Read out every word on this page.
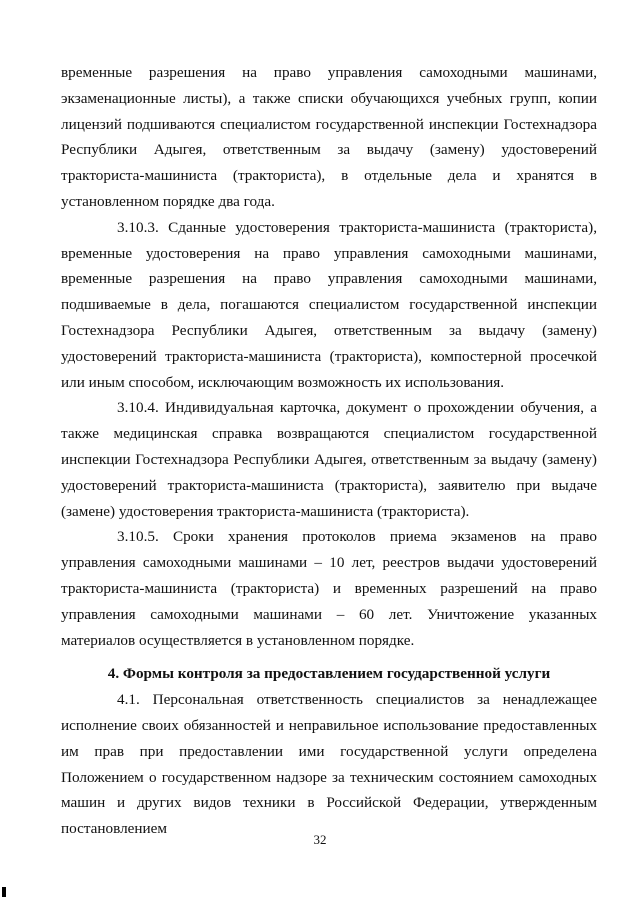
временные разрешения на право управления самоходными машинами, экзаменационные листы), а также списки обучающихся учебных групп, копии лицензий подшиваются специалистом государственной инспекции Гостехнадзора Республики Адыгея, ответственным за выдачу (замену) удостоверений тракториста-машиниста (тракториста), в отдельные дела и хранятся в установленном порядке два года.

3.10.3. Сданные удостоверения тракториста-машиниста (тракториста), временные удостоверения на право управления самоходными машинами, временные разрешения на право управления самоходными машинами, подшиваемые в дела, погашаются специалистом государственной инспекции Гостехнадзора Республики Адыгея, ответственным за выдачу (замену) удостоверений тракториста-машиниста (тракториста), компостерной просечкой или иным способом, исключающим возможность их использования.

3.10.4. Индивидуальная карточка, документ о прохождении обучения, а также медицинская справка возвращаются специалистом государственной инспекции Гостехнадзора Республики Адыгея, ответственным за выдачу (замену) удостоверений тракториста-машиниста (тракториста), заявителю при выдаче (замене) удостоверения тракториста-машиниста (тракториста).

3.10.5. Сроки хранения протоколов приема экзаменов на право управления самоходными машинами – 10 лет, реестров выдачи удостоверений тракториста-машиниста (тракториста) и временных разрешений на право управления самоходными машинами – 60 лет. Уничтожение указанных материалов осуществляется в установленном порядке.

4. Формы контроля за предоставлением государственной услуги

4.1. Персональная ответственность специалистов за ненадлежащее исполнение своих обязанностей и неправильное использование предоставленных им прав при предоставлении ими государственной услуги определена Положением о государственном надзоре за техническим состоянием самоходных машин и других видов техники в Российской Федерации, утвержденным постановлением

32
